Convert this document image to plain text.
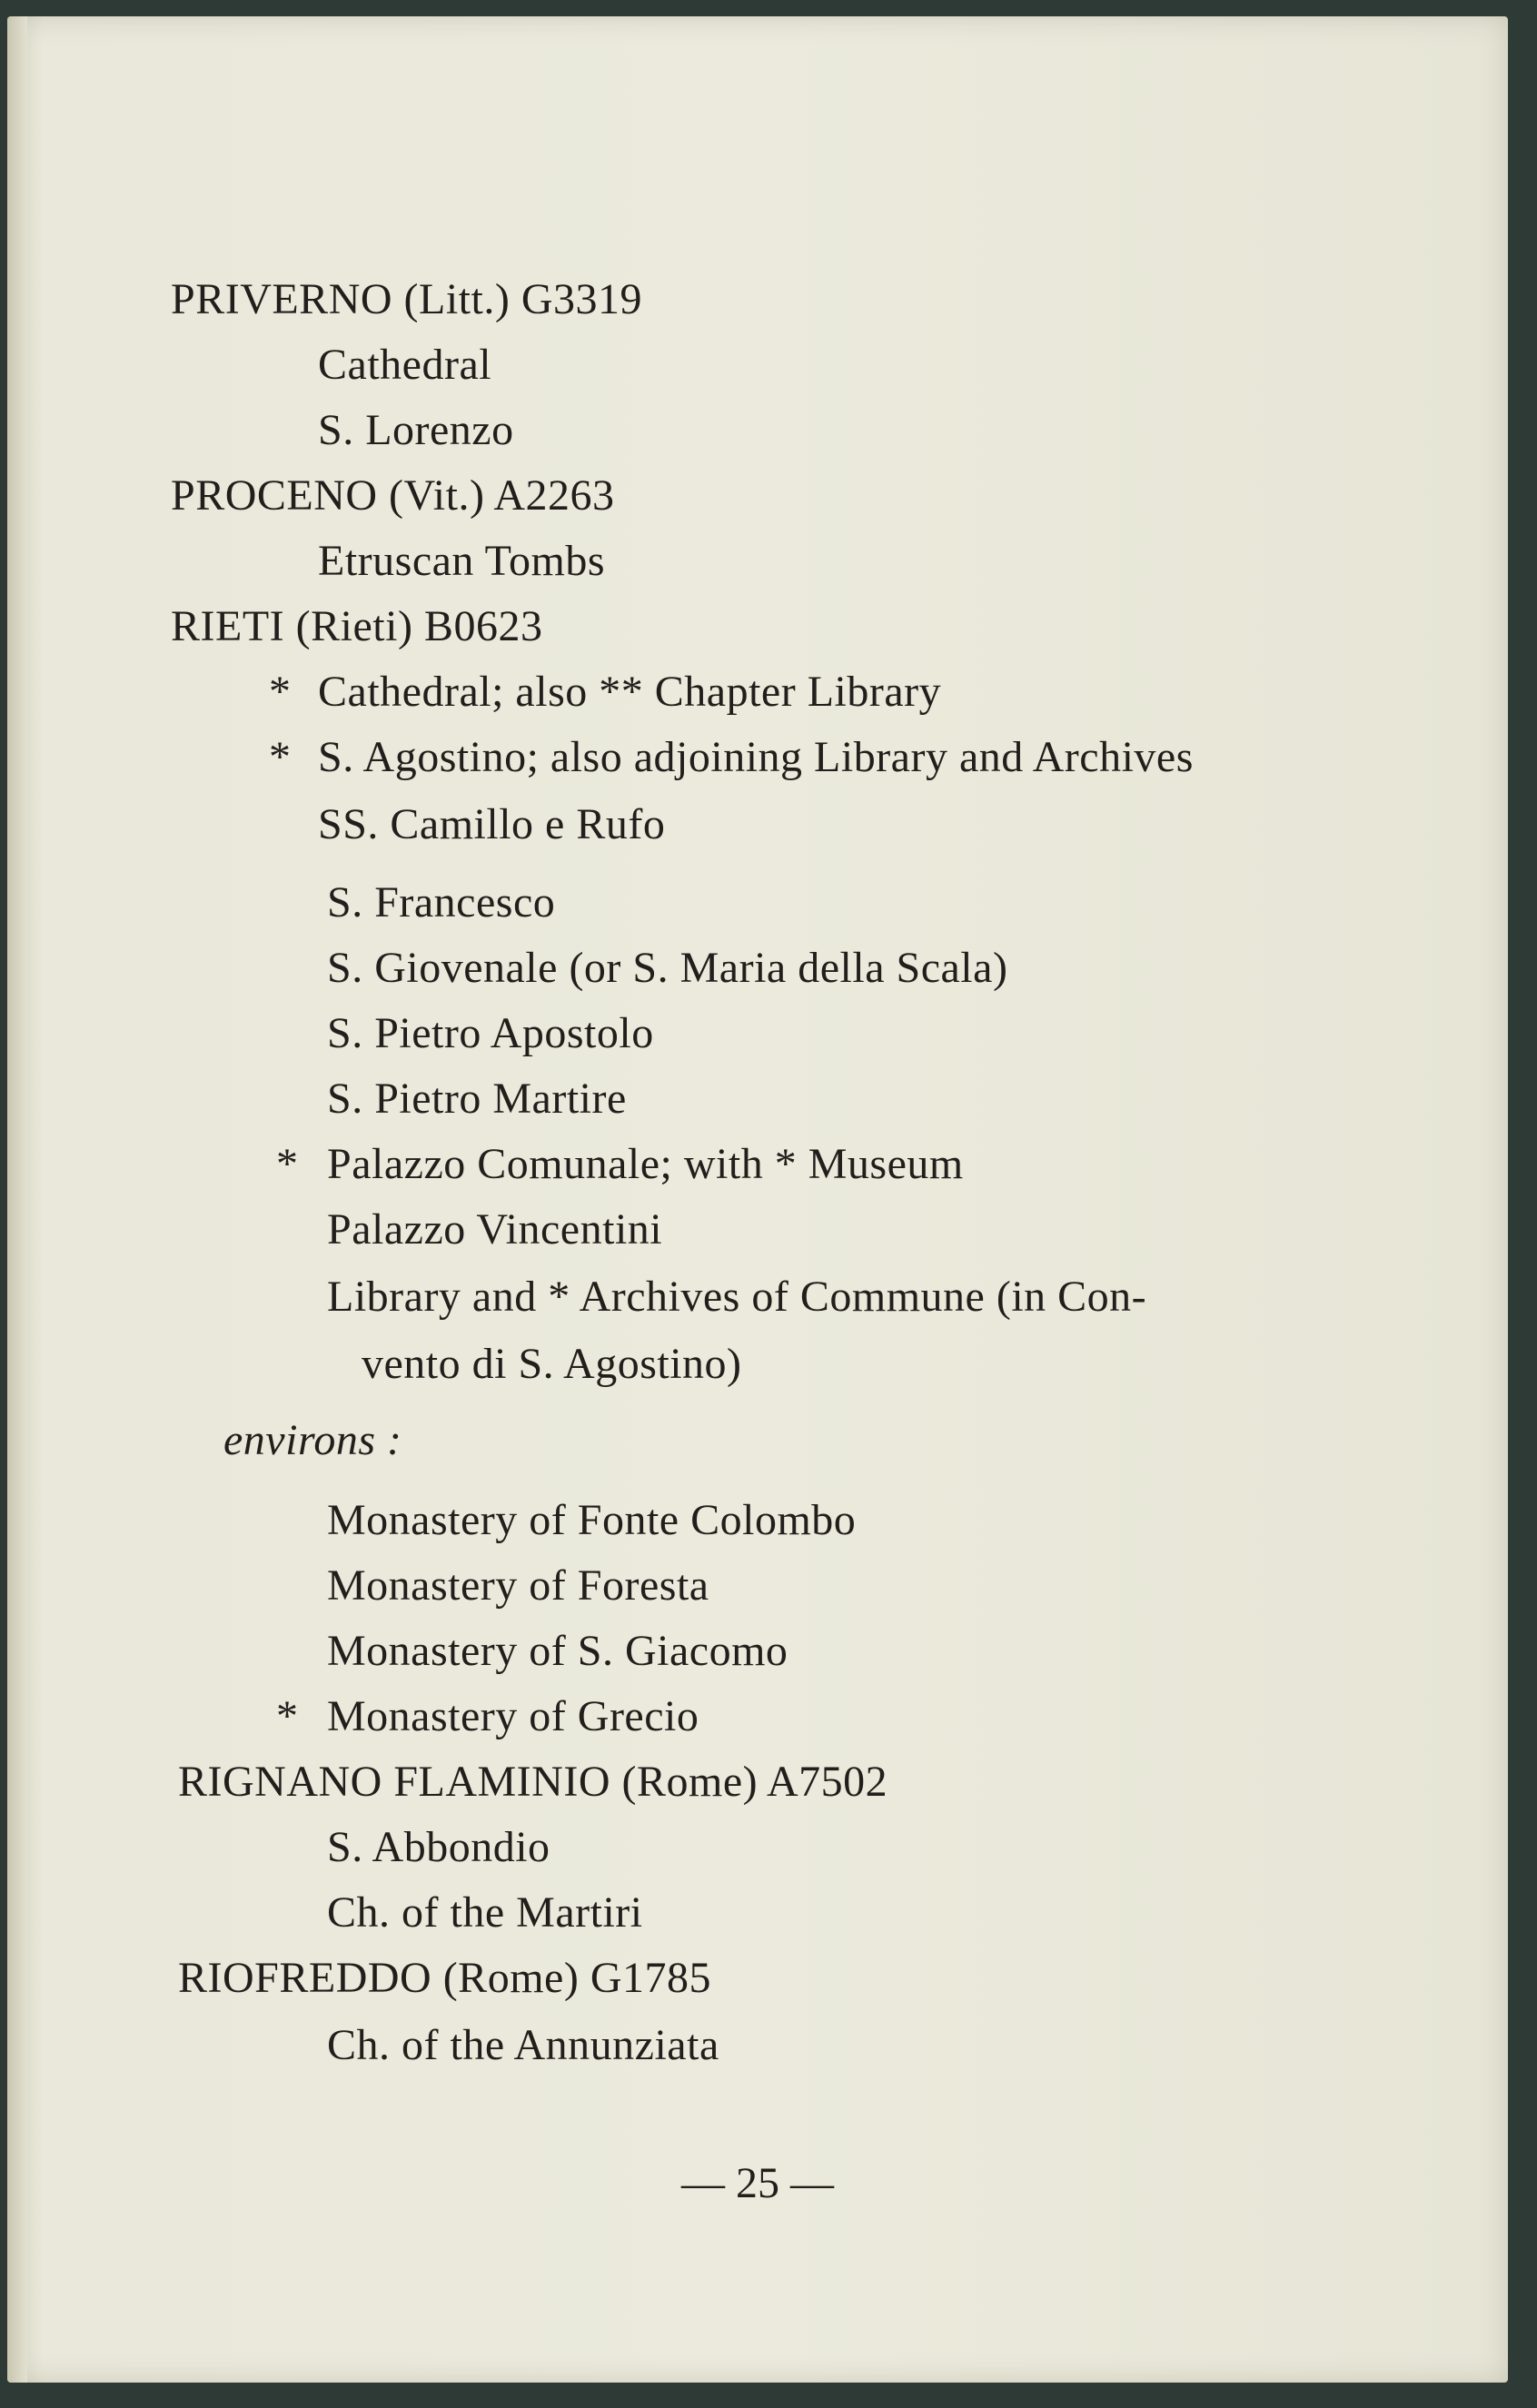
PRIVERNO (Litt.) G3319
Cathedral
S. Lorenzo
PROCENO (Vit.) A2263
Etruscan Tombs
RIETI (Rieti) B0623
* Cathedral; also ** Chapter Library
* S. Agostino; also adjoining Library and Archives
SS. Camillo e Rufo
S. Francesco
S. Giovenale (or S. Maria della Scala)
S. Pietro Apostolo
S. Pietro Martire
* Palazzo Comunale; with * Museum
Palazzo Vincentini
Library and * Archives of Commune (in Con-
vento di S. Agostino)
environs :
Monastery of Fonte Colombo
Monastery of Foresta
Monastery of S. Giacomo
* Monastery of Grecio
RIGNANO FLAMINIO (Rome) A7502
S. Abbondio
Ch. of the Martiri
RIOFREDDO (Rome) G1785
Ch. of the Annunziata
— 25 —
